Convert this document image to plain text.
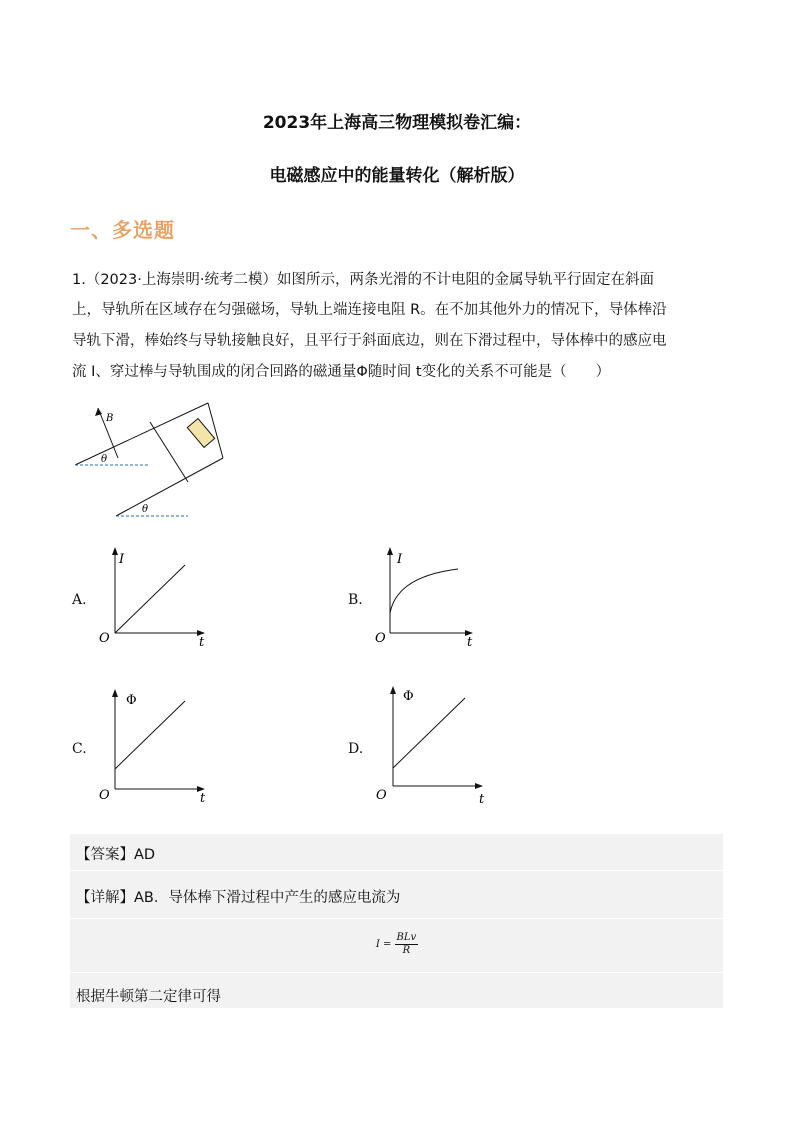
2023年上海高三物理模拟卷汇编：
电磁感应中的能量转化（解析版）
一、多选题
1.（2023·上海崇明·统考二模）如图所示，两条光滑的不计电阻的金属导轨平行固定在斜面
上，导轨所在区域存在匀强磁场，导轨上端连接电阻 R。在不加其他外力的情况下，导体棒沿
导轨下滑，棒始终与导轨接触良好，且平行于斜面底边，则在下滑过程中，导体棒中的感应电
流 I、穿过棒与导轨围成的闭合回路的磁通量Φ随时间 t变化的关系不可能是（　　）
B
θ
θ
A.
I
O	t
B.
I
O	t
C.
Φ
O	t
D.
Φ
O	t
【答案】AD
【详解】AB．导体棒下滑过程中产生的感应电流为
$I = \frac{\text{BLv}}{R}$
根据牛顿第二定律可得
